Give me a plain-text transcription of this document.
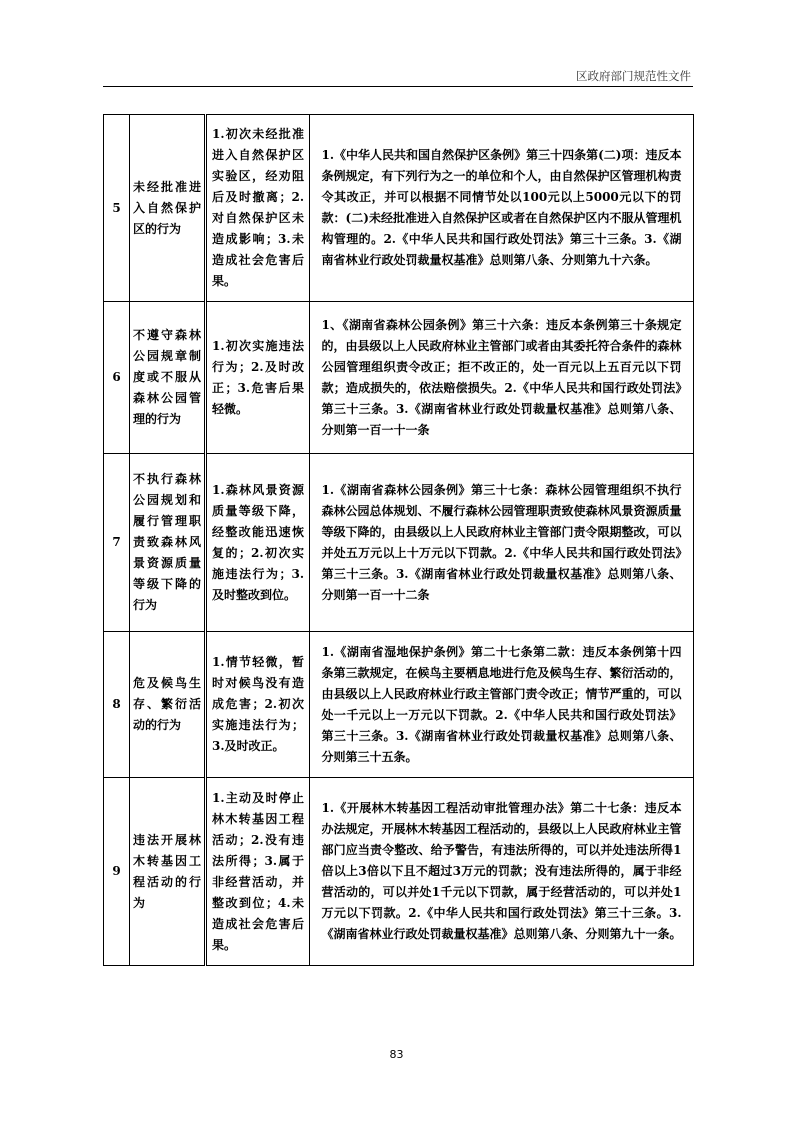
区政府部门规范性文件
5	未经批准进入自然保护区的行为	1.初次未经批准进入自然保护区实验区，经劝阻后及时撤离；2.对自然保护区未造成影响；3.未造成社会危害后果。	1.《中华人民共和国自然保护区条例》第三十四条第(二)项：违反本条例规定，有下列行为之一的单位和个人，由自然保护区管理机构责令其改正，并可以根据不同情节处以100元以上5000元以下的罚款：(二)未经批准进入自然保护区或者在自然保护区内不服从管理机构管理的。2.《中华人民共和国行政处罚法》第三十三条。3.《湖南省林业行政处罚裁量权基准》总则第八条、分则第九十六条。

6	不遵守森林公园规章制度或不服从森林公园管理的行为	1.初次实施违法行为；2.及时改正；3.危害后果轻微。	1、《湖南省森林公园条例》第三十六条：违反本条例第三十条规定的，由县级以上人民政府林业主管部门或者由其委托符合条件的森林公园管理组织责令改正；拒不改正的，处一百元以上五百元以下罚款；造成损失的，依法赔偿损失。2.《中华人民共和国行政处罚法》第三十三条。3.《湖南省林业行政处罚裁量权基准》总则第八条、分则第一百一十一条

7	不执行森林公园规划和履行管理职责致森林风景资源质量等级下降的行为	1.森林风景资源质量等级下降，经整改能迅速恢复的；2.初次实施违法行为；3.及时整改到位。	1.《湖南省森林公园条例》第三十七条：森林公园管理组织不执行森林公园总体规划、不履行森林公园管理职责致使森林风景资源质量等级下降的，由县级以上人民政府林业主管部门责令限期整改，可以并处五万元以上十万元以下罚款。2.《中华人民共和国行政处罚法》第三十三条。3.《湖南省林业行政处罚裁量权基准》总则第八条、分则第一百一十二条

8	危及候鸟生存、繁衍活动的行为	1.情节轻微，暂时对候鸟没有造成危害；2.初次实施违法行为；3.及时改正。	1.《湖南省湿地保护条例》第二十七条第二款：违反本条例第十四条第三款规定，在候鸟主要栖息地进行危及候鸟生存、繁衍活动的，由县级以上人民政府林业行政主管部门责令改正；情节严重的，可以处一千元以上一万元以下罚款。2.《中华人民共和国行政处罚法》第三十三条。3.《湖南省林业行政处罚裁量权基准》总则第八条、分则第三十五条。

9	违法开展林木转基因工程活动的行为	1.主动及时停止林木转基因工程活动；2.没有违法所得；3.属于非经营活动，并整改到位；4.未造成社会危害后果。	1.《开展林木转基因工程活动审批管理办法》第二十七条：违反本办法规定，开展林木转基因工程活动的，县级以上人民政府林业主管部门应当责令整改、给予警告，有违法所得的，可以并处违法所得1倍以上3倍以下且不超过3万元的罚款；没有违法所得的，属于非经营活动的，可以并处1千元以下罚款，属于经营活动的，可以并处1万元以下罚款。2.《中华人民共和国行政处罚法》第三十三条。3.《湖南省林业行政处罚裁量权基准》总则第八条、分则第九十一条。
83
